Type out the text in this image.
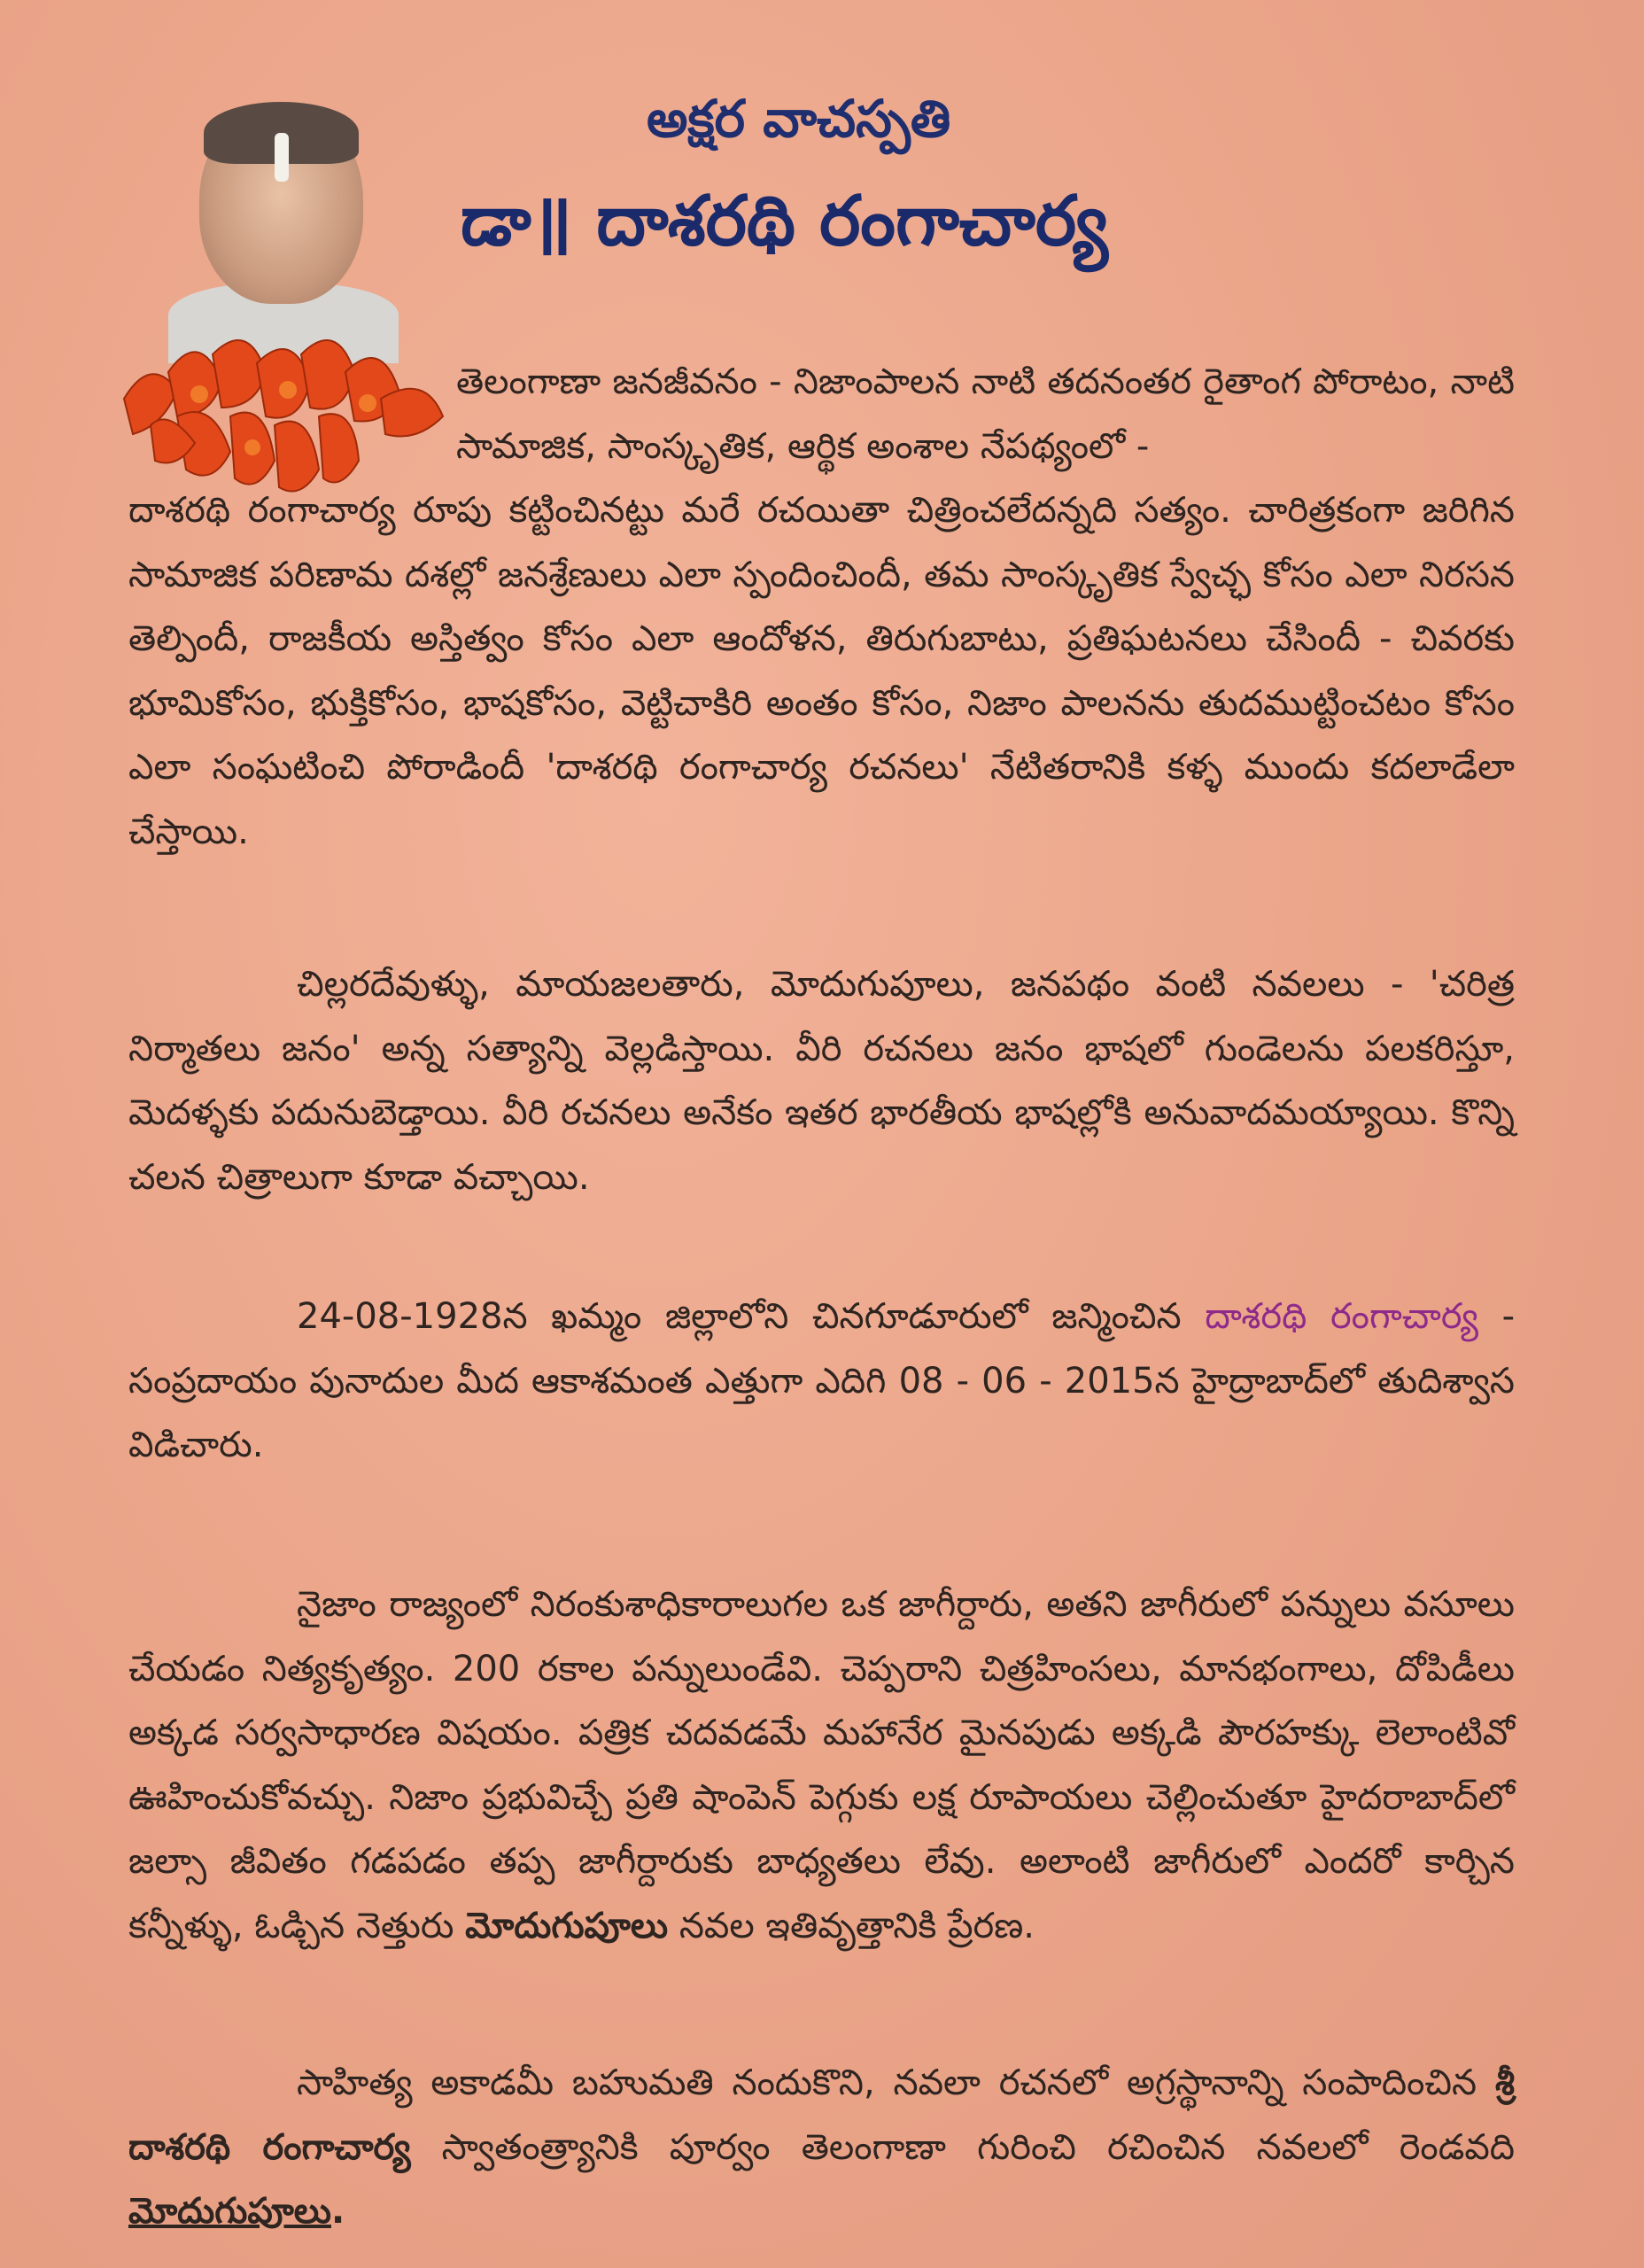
అక్షర వాచస్పతి
డా॥ దాశరథి రంగాచార్య
తెలంగాణా జనజీవనం - నిజాంపాలన నాటి తదనంతర రైతాంగ పోరాటం, నాటి సామాజిక, సాంస్కృతిక, ఆర్థిక అంశాల నేపథ్యంలో -
దాశరథి రంగాచార్య రూపు కట్టించినట్టు మరే రచయితా చిత్రించలేదన్నది సత్యం. చారిత్రకంగా జరిగిన సామాజిక పరిణామ దశల్లో జనశ్రేణులు ఎలా స్పందించిందీ, తమ సాంస్కృతిక స్వేచ్ఛ కోసం ఎలా నిరసన తెల్పిందీ, రాజకీయ అస్తిత్వం కోసం ఎలా ఆందోళన, తిరుగుబాటు, ప్రతిఘటనలు చేసిందీ - చివరకు భూమికోసం, భుక్తికోసం, భాషకోసం, వెట్టిచాకిరి అంతం కోసం, నిజాం పాలనను తుదముట్టించటం కోసం ఎలా సంఘటించి పోరాడిందీ 'దాశరథి రంగాచార్య రచనలు' నేటితరానికి కళ్ళ ముందు కదలాడేలా చేస్తాయి.
చిల్లరదేవుళ్ళు, మాయజలతారు, మోదుగుపూలు, జనపథం వంటి నవలలు - 'చరిత్ర నిర్మాతలు జనం' అన్న సత్యాన్ని వెల్లడిస్తాయి. వీరి రచనలు జనం భాషలో గుండెలను పలకరిస్తూ, మెదళ్ళకు పదునుబెడ్తాయి. వీరి రచనలు అనేకం ఇతర భారతీయ భాషల్లోకి అనువాదమయ్యాయి. కొన్ని చలన చిత్రాలుగా కూడా వచ్చాయి.
24-08-1928న ఖమ్మం జిల్లాలోని చినగూడూరులో జన్మించిన దాశరథి రంగాచార్య - సంప్రదాయం పునాదుల మీద ఆకాశమంత ఎత్తుగా ఎదిగి 08 - 06 - 2015న హైద్రాబాద్‌లో తుదిశ్వాస విడిచారు.
నైజాం రాజ్యంలో నిరంకుశాధికారాలుగల ఒక జాగీర్దారు, అతని జాగీరులో పన్నులు వసూలు చేయడం నిత్యకృత్యం. 200 రకాల పన్నులుండేవి. చెప్పరాని చిత్రహింసలు, మానభంగాలు, దోపిడీలు అక్కడ సర్వసాధారణ విషయం. పత్రిక చదవడమే మహానేర మైనపుడు అక్కడి పౌరహక్కు లెలాంటివో ఊహించుకోవచ్చు. నిజాం ప్రభువిచ్చే ప్రతి షాంపెన్ పెగ్గుకు లక్ష రూపాయలు చెల్లించుతూ హైదరాబాద్‌లో జల్సా జీవితం గడపడం తప్ప జాగీర్దారుకు బాధ్యతలు లేవు. అలాంటి జాగీరులో ఎందరో కార్చిన కన్నీళ్ళు, ఓడ్చిన నెత్తురు మోదుగుపూలు నవల ఇతివృత్తానికి ప్రేరణ.
సాహిత్య అకాడమీ బహుమతి నందుకొని, నవలా రచనలో అగ్రస్థానాన్ని సంపాదించిన శ్రీ దాశరథి రంగాచార్య స్వాతంత్ర్యానికి పూర్వం తెలంగాణా గురించి రచించిన నవలలో రెండవది మోదుగుపూలు.
